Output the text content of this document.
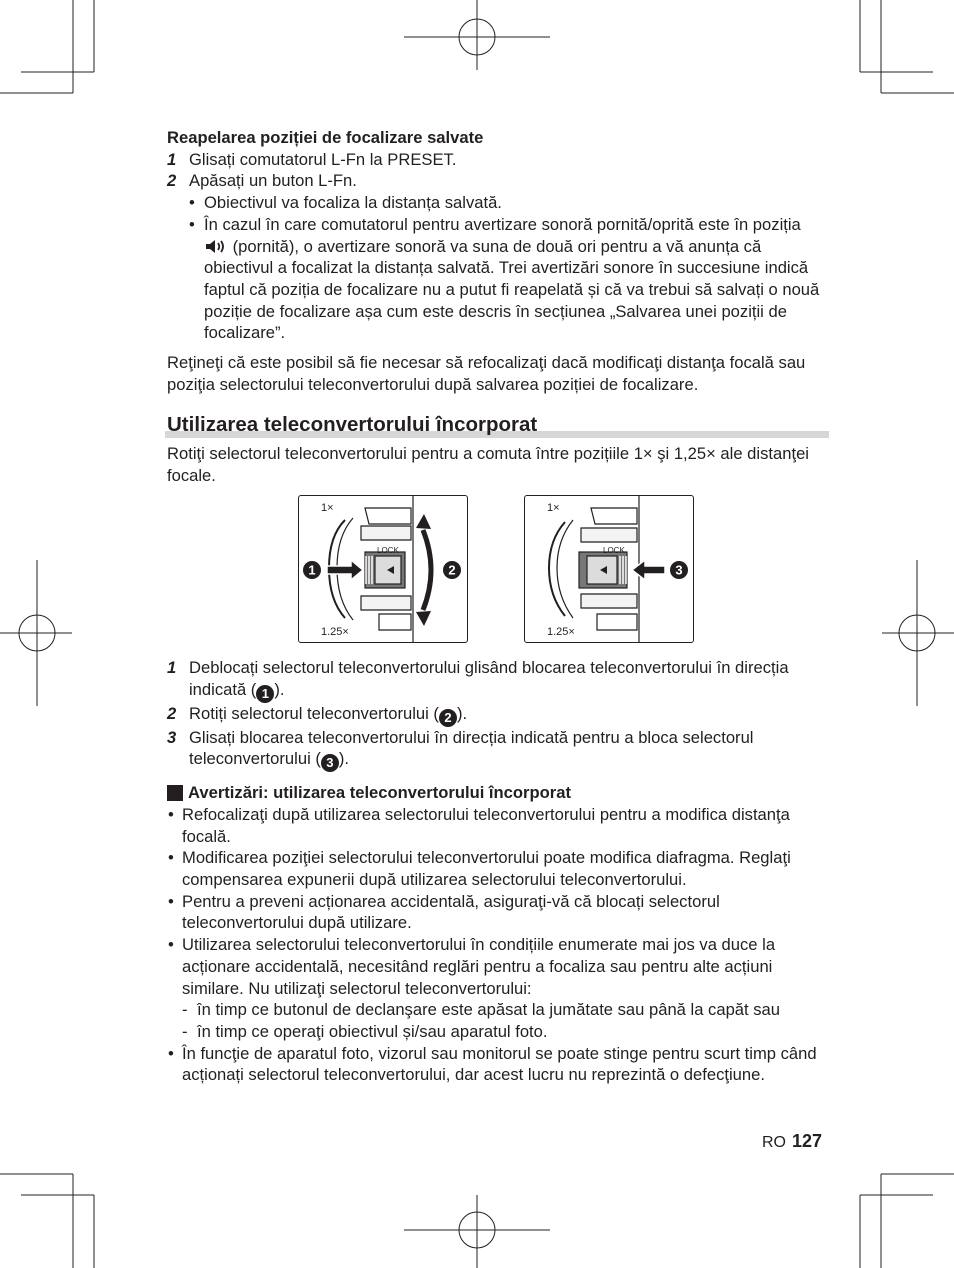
Reapelarea poziției de focalizare salvate

1 Glisați comutatorul L-Fn la PRESET.
2 Apăsați un buton L-Fn.
• Obiectivul va focaliza la distanța salvată.
• În cazul în care comutatorul pentru avertizare sonoră pornită/oprită este în poziția  (pornită), o avertizare sonoră va suna de două ori pentru a vă anunța că obiectivul a focalizat la distanța salvată. Trei avertizări sonore în succesiune indică faptul că poziția de focalizare nu a putut fi reapelată și că va trebui să salvați o nouă poziție de focalizare așa cum este descris în secțiunea „Salvarea unei poziții de focalizare”.

Reţineţi că este posibil să fie necesar să refocalizaţi dacă modificaţi distanţa focală sau poziţia selectorului teleconvertorului după salvarea poziției de focalizare.

Utilizarea teleconvertorului încorporat
Rotiţi selectorul teleconvertorului pentru a comuta între pozițiile 1× şi 1,25× ale distanţei focale.
LOCK
1×
1.25×
1	2
LOCK
1×
1.25×
3
1 Deblocați selectorul teleconvertorului glisând blocarea teleconvertorului în direcția indicată ( 1 ).
2 Rotiți selectorul teleconvertorului ( 2 ).
3 Glisați blocarea teleconvertorului în direcția indicată pentru a bloca selectorul teleconvertorului ( 3 ).
Avertizări: utilizarea teleconvertorului încorporat
• Refocalizaţi după utilizarea selectorului teleconvertorului pentru a modifica distanţa focală.
• Modificarea poziţiei selectorului teleconvertorului poate modifica diafragma. Reglaţi compensarea expunerii după utilizarea selectorului teleconvertorului.
• Pentru a preveni acționarea accidentală, asiguraţi-vă că blocați selectorul teleconvertorului după utilizare.
• Utilizarea selectorului teleconvertorului în condițiile enumerate mai jos va duce la acționare accidentală, necesitând reglări pentru a focaliza sau pentru alte acțiuni similare. Nu utilizaţi selectorul teleconvertorului:
- în timp ce butonul de declanşare este apăsat la jumătate sau până la capăt sau
- în timp ce operaţi obiectivul și/sau aparatul foto.
• În funcţie de aparatul foto, vizorul sau monitorul se poate stinge pentru scurt timp când acționați selectorul teleconvertorului, dar acest lucru nu reprezintă o defecţiune.
RO 127
